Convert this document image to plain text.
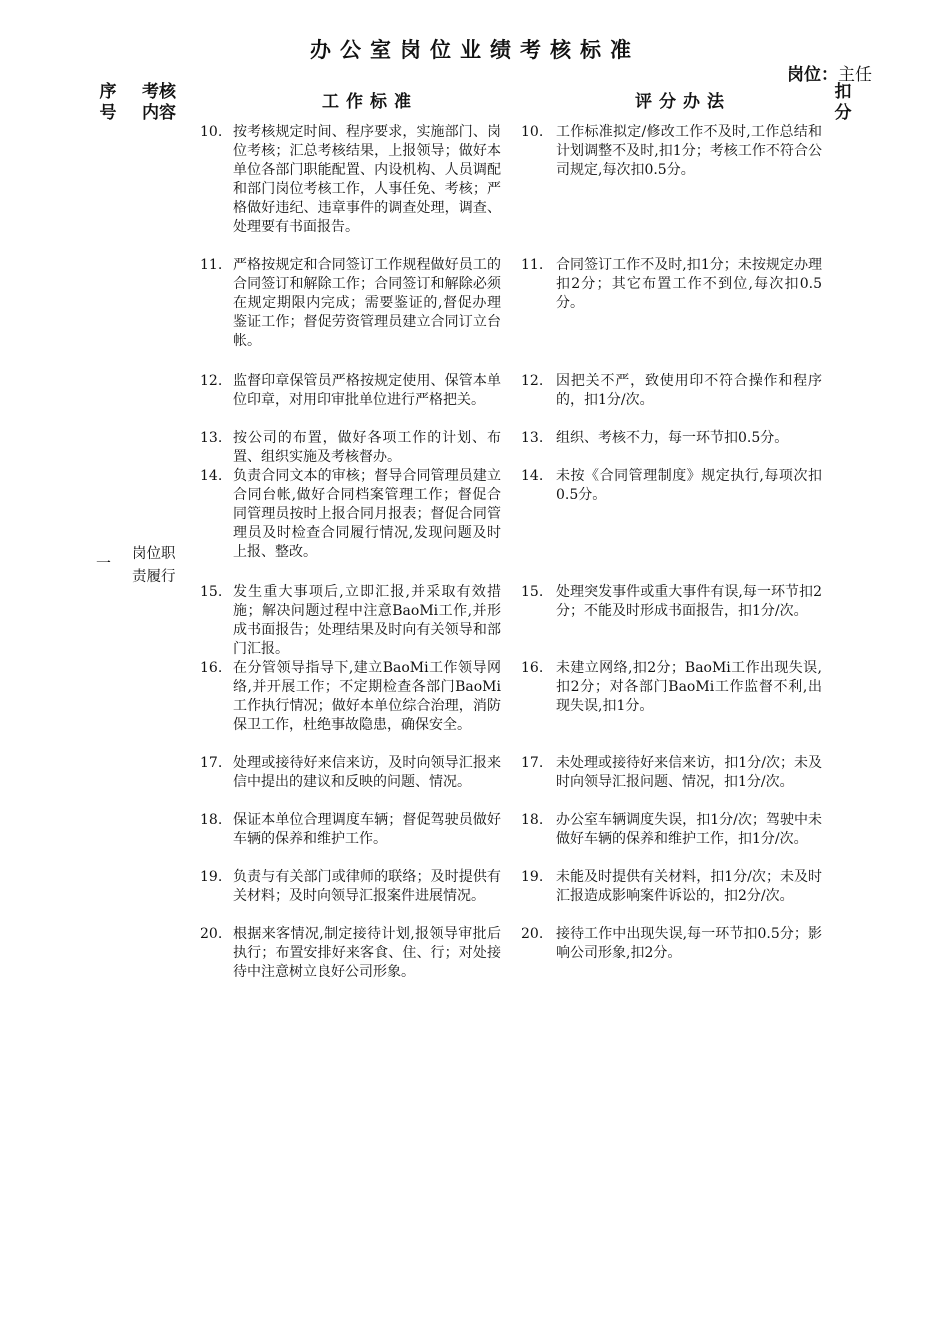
办公室岗位业绩考核标准
岗位：主任
序号
考核内容
工作标准	评分办法	扣分
一 岗位职责履行
10. 按考核规定时间、程序要求，实施部门、岗位考核；汇总考核结果，上报领导；做好本单位各部门职能配置、内设机构、人员调配和部门岗位考核工作，人事任免、考核；严格做好违纪、违章事件的调查处理，调查、处理要有书面报告。
10. 工作标准拟定/修改工作不及时,工作总结和计划调整不及时,扣1分；考核工作不符合公司规定,每次扣0.5分。
11. 严格按规定和合同签订工作规程做好员工的合同签订和解除工作；合同签订和解除必须在规定期限内完成；需要鉴证的,督促办理鉴证工作；督促劳资管理员建立合同订立台帐。
11. 合同签订工作不及时,扣1分；未按规定办理扣2分；其它布置工作不到位,每次扣0.5分。
12. 监督印章保管员严格按规定使用、保管本单位印章，对用印审批单位进行严格把关。
12. 因把关不严，致使用印不符合操作和程序的，扣1分/次。
13. 按公司的布置，做好各项工作的计划、布置、组织实施及考核督办。
13. 组织、考核不力，每一环节扣0.5分。
14. 负责合同文本的审核；督导合同管理员建立合同台帐,做好合同档案管理工作；督促合同管理员按时上报合同月报表；督促合同管理员及时检查合同履行情况,发现问题及时上报、整改。
14. 未按《合同管理制度》规定执行,每项次扣0.5分。
15. 发生重大事项后,立即汇报,并采取有效措施；解决问题过程中注意BaoMi工作,并形成书面报告；处理结果及时向有关领导和部门汇报。
15. 处理突发事件或重大事件有误,每一环节扣2分；不能及时形成书面报告，扣1分/次。
16. 在分管领导指导下,建立BaoMi工作领导网络,并开展工作；不定期检查各部门BaoMi工作执行情况；做好本单位综合治理，消防保卫工作，杜绝事故隐患，确保安全。
16. 未建立网络,扣2分；BaoMi工作出现失误,扣2分；对各部门BaoMi工作监督不利,出现失误,扣1分。
17. 处理或接待好来信来访，及时向领导汇报来信中提出的建议和反映的问题、情况。
17. 未处理或接待好来信来访，扣1分/次；未及时向领导汇报问题、情况，扣1分/次。
18. 保证本单位合理调度车辆；督促驾驶员做好车辆的保养和维护工作。
18. 办公室车辆调度失误，扣1分/次；驾驶中未做好车辆的保养和维护工作，扣1分/次。
19. 负责与有关部门或律师的联络；及时提供有关材料；及时向领导汇报案件进展情况。
19. 未能及时提供有关材料，扣1分/次；未及时汇报造成影响案件诉讼的，扣2分/次。
20. 根据来客情况,制定接待计划,报领导审批后执行；布置安排好来客食、住、行；对处接待中注意树立良好公司形象。
20. 接待工作中出现失误,每一环节扣0.5分；影响公司形象,扣2分。
